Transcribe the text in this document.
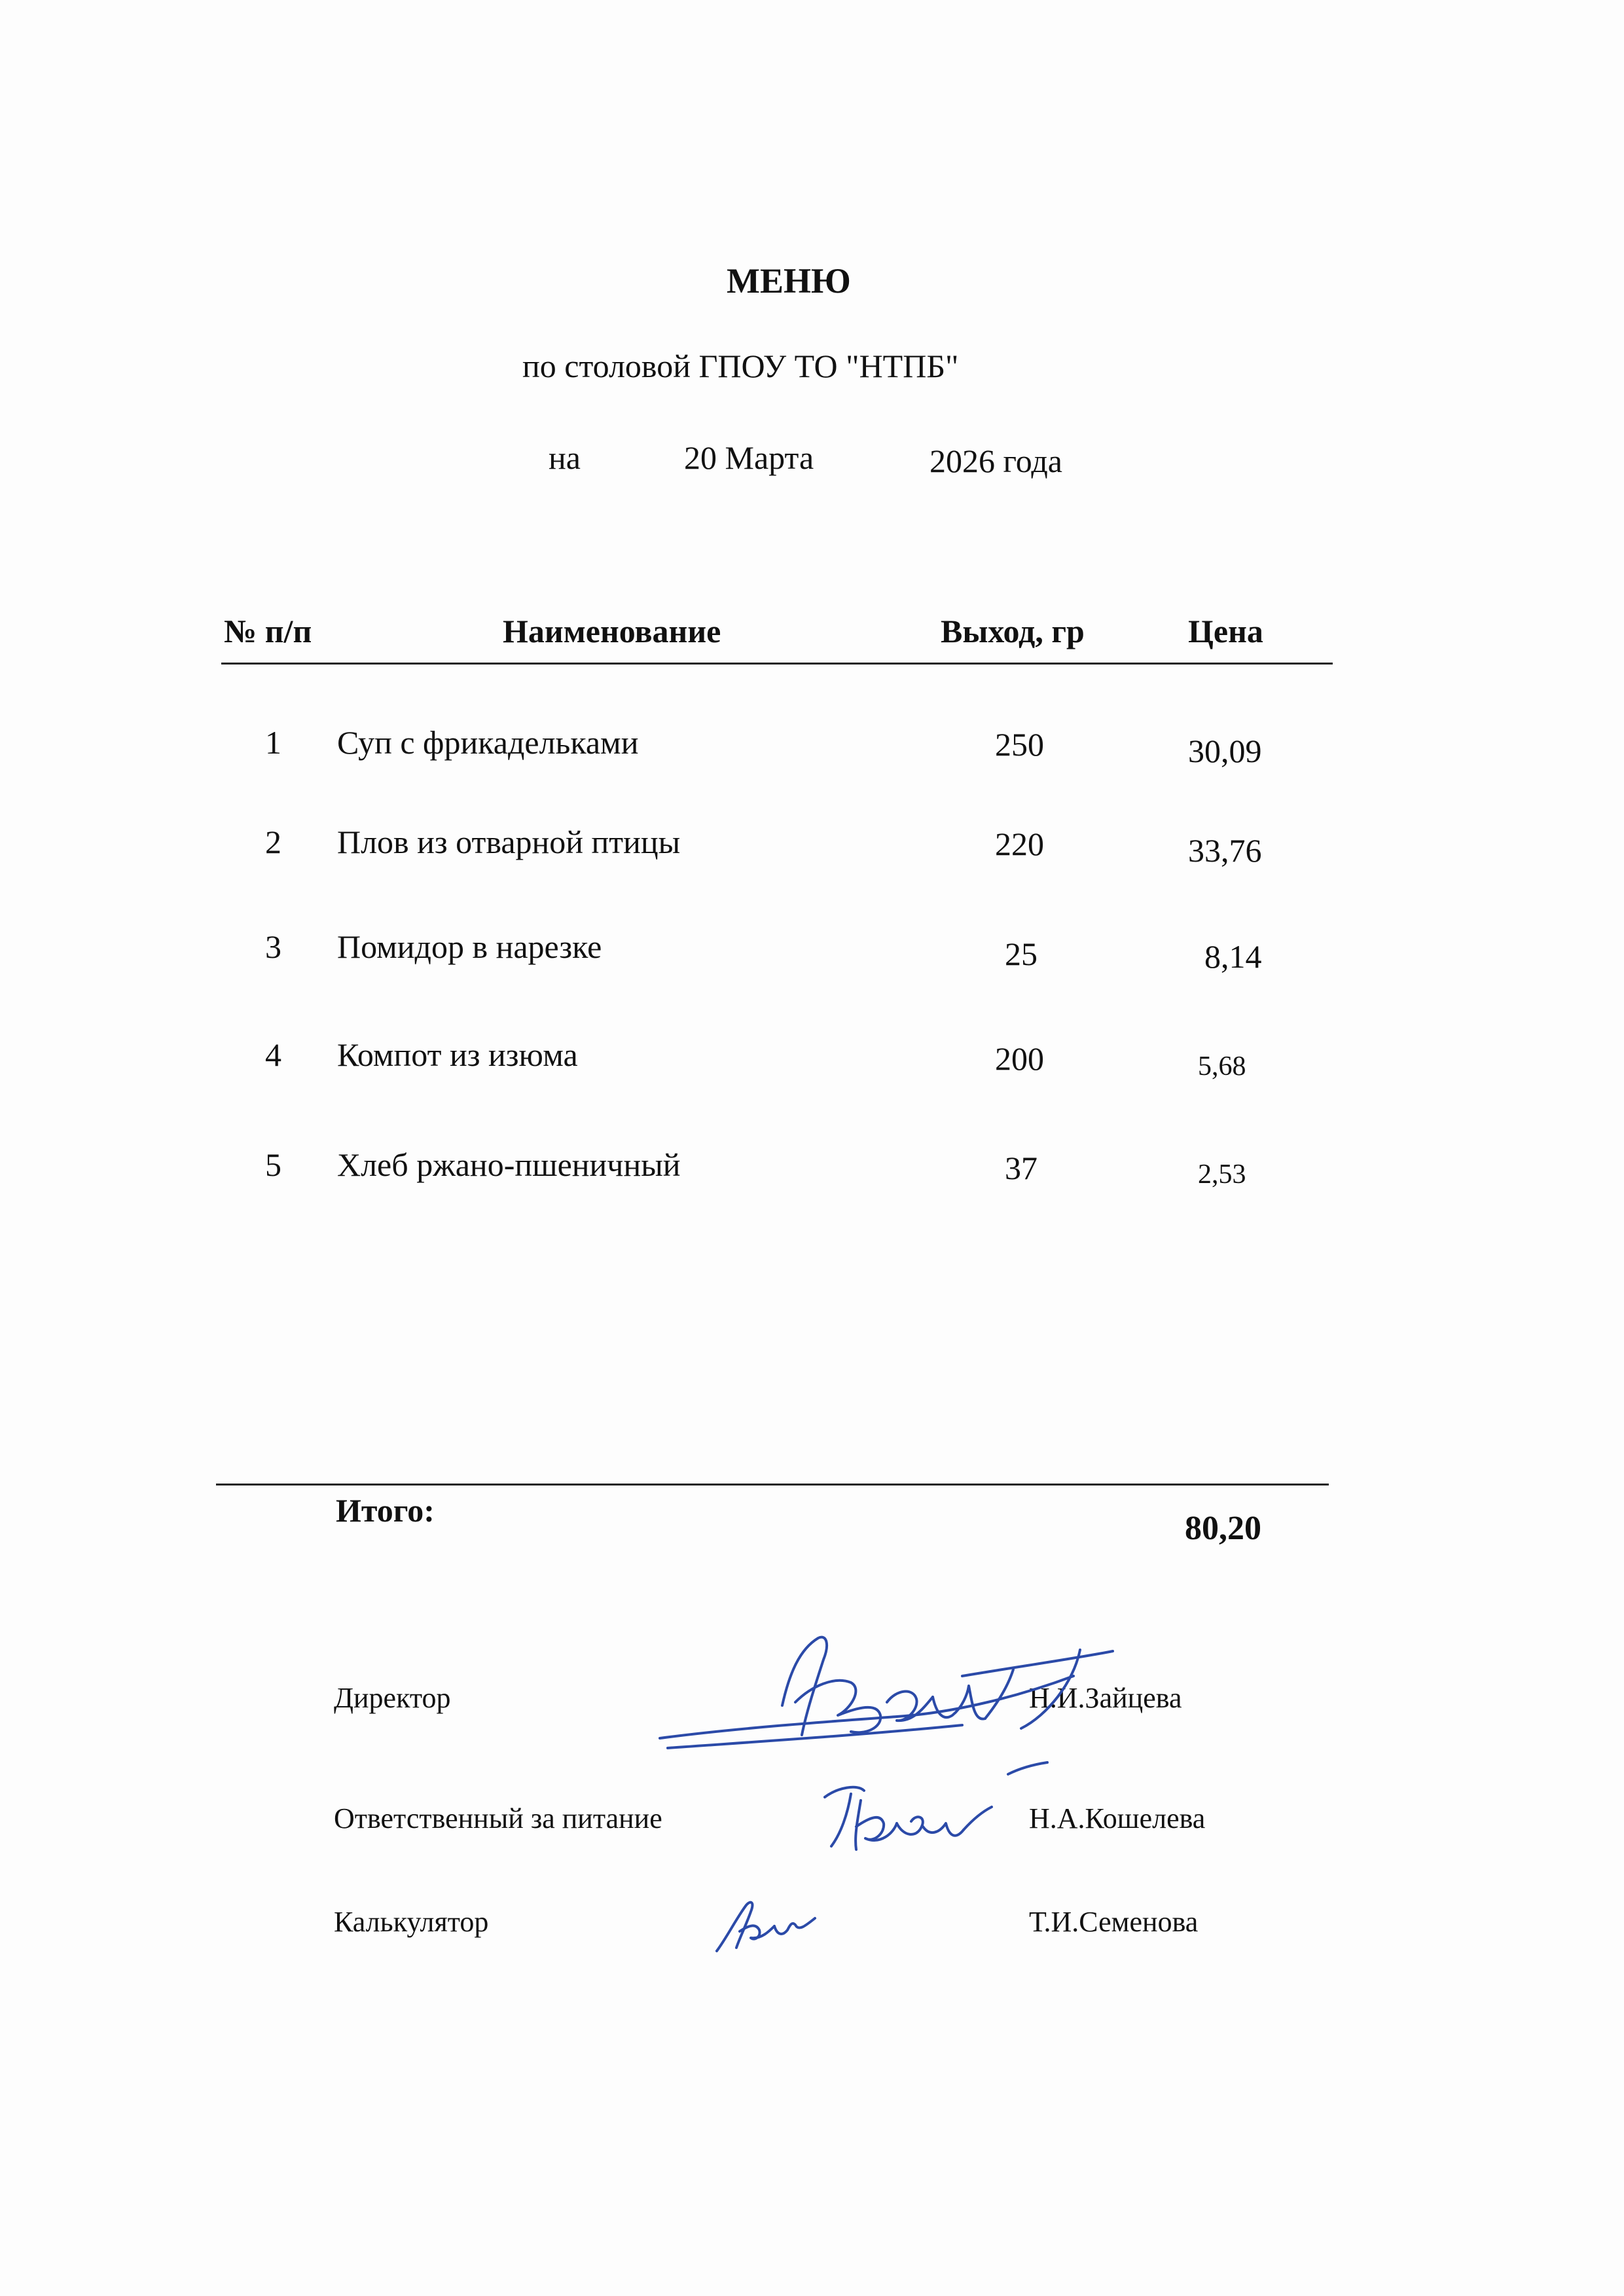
МЕНЮ
по столовой ГПОУ ТО "НТПБ"
на	20 Марта	2026 года
№ п/п	Наименование	Выход, гр	Цена
1 Суп с фрикадельками	250	30,09
2 Плов из отварной птицы	220	33,76
3 Помидор в нарезке	25	8,14
4 Компот из изюма	200	5,68
5 Хлеб ржано-пшеничный	37	2,53
Итого:	80,20
Директор	Н.И.Зайцева
Ответственный за питание	Н.А.Кошелева
Калькулятор	Т.И.Семенова
